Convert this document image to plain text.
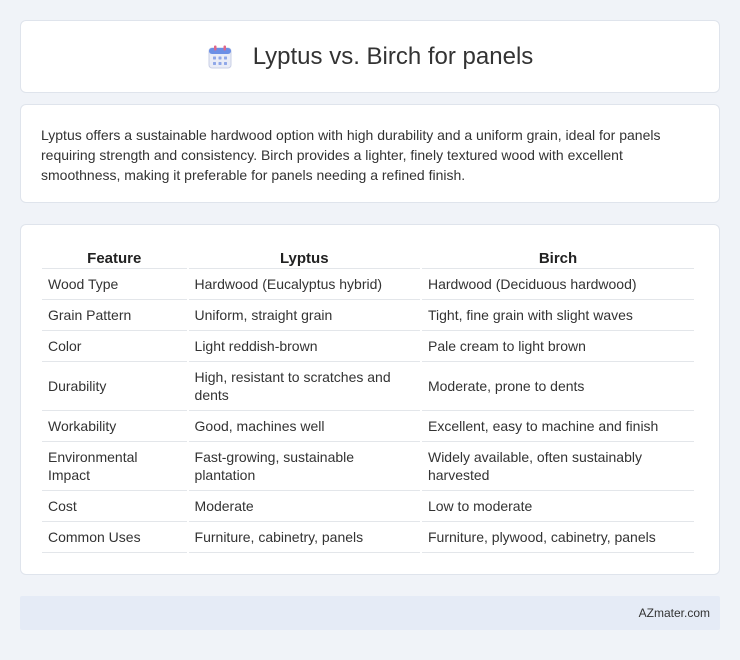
Lyptus vs. Birch for panels

Lyptus offers a sustainable hardwood option with high durability and a uniform grain, ideal for panels requiring strength and consistency. Birch provides a lighter, finely textured wood with excellent smoothness, making it preferable for panels needing a refined finish.

Feature	Lyptus	Birch
Wood Type	Hardwood (Eucalyptus hybrid)	Hardwood (Deciduous hardwood)
Grain Pattern	Uniform, straight grain	Tight, fine grain with slight waves
Color	Light reddish-brown	Pale cream to light brown
Durability	High, resistant to scratches and dents	Moderate, prone to dents
Workability	Good, machines well	Excellent, easy to machine and finish
Environmental Impact	Fast-growing, sustainable plantation	Widely available, often sustainably harvested
Cost	Moderate	Low to moderate
Common Uses	Furniture, cabinetry, panels	Furniture, plywood, cabinetry, panels
AZmater.com
